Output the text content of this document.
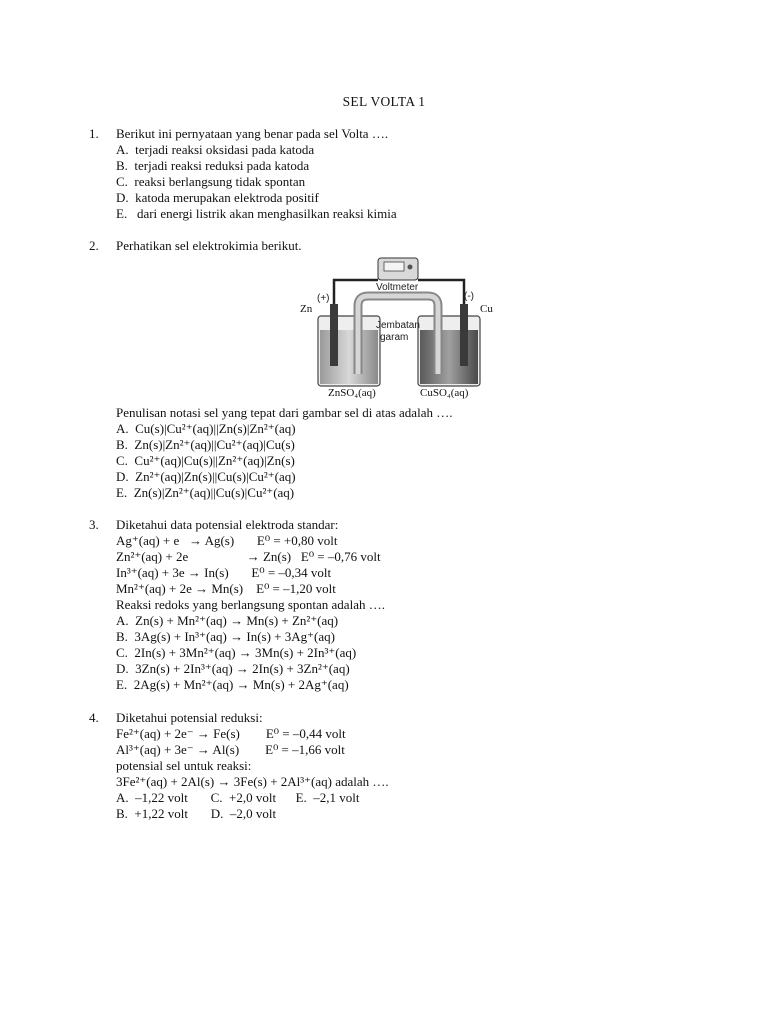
SEL VOLTA 1
1. Berikut ini pernyataan yang benar pada sel Volta ….
A.  terjadi reaksi oksidasi pada katoda
B.  terjadi reaksi reduksi pada katoda
C.  reaksi berlangsung tidak spontan
D.  katoda merupakan elektroda positif
E.   dari energi listrik akan menghasilkan reaksi kimia
2. Perhatikan sel elektrokimia berikut.
Voltmeter
(+)	(-)
Zn	Cu
Jembatan
garam
ZnSO₄(aq)	CuSO₄(aq)
Penulisan notasi sel yang tepat dari gambar sel di atas adalah ….
A.  Cu(s)|Cu²⁺(aq)||Zn(s)|Zn²⁺(aq)
B.  Zn(s)|Zn²⁺(aq)||Cu²⁺(aq)|Cu(s)
C.  Cu²⁺(aq)|Cu(s)||Zn²⁺(aq)|Zn(s)
D.  Zn²⁺(aq)|Zn(s)||Cu(s)|Cu²⁺(aq)
E.  Zn(s)|Zn²⁺(aq)||Cu(s)|Cu²⁺(aq)
3. Diketahui data potensial elektroda standar:
Ag⁺(aq) + e   → Ag(s)       E⁰ = +0,80 volt
Zn²⁺(aq) + 2e                  → Zn(s)   E⁰ = –0,76 volt
In³⁺(aq) + 3e → In(s)       E⁰ = –0,34 volt
Mn²⁺(aq) + 2e → Mn(s)    E⁰ = –1,20 volt
Reaksi redoks yang berlangsung spontan adalah ….
A.  Zn(s) + Mn²⁺(aq) → Mn(s) + Zn²⁺(aq)
B.  3Ag(s) + In³⁺(aq) → In(s) + 3Ag⁺(aq)
C.  2In(s) + 3Mn²⁺(aq) → 3Mn(s) + 2In³⁺(aq)
D.  3Zn(s) + 2In³⁺(aq) → 2In(s) + 3Zn²⁺(aq)
E.  2Ag(s) + Mn²⁺(aq) → Mn(s) + 2Ag⁺(aq)
4. Diketahui potensial reduksi:
Fe²⁺(aq) + 2e⁻ → Fe(s)        E⁰ = –0,44 volt
Al³⁺(aq) + 3e⁻ → Al(s)        E⁰ = –1,66 volt
potensial sel untuk reaksi:
3Fe²⁺(aq) + 2Al(s) → 3Fe(s) + 2Al³⁺(aq) adalah ….
A.  –1,22 volt       C.  +2,0 volt      E.  –2,1 volt
B.  +1,22 volt       D.  –2,0 volt
